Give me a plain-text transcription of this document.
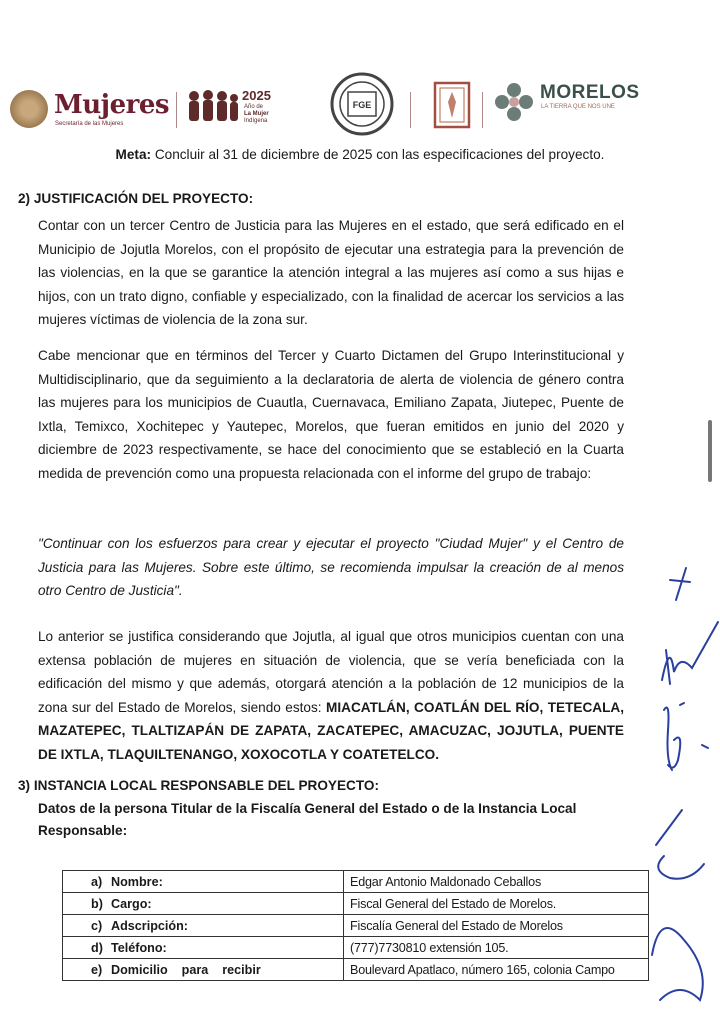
Mujeres
Secretaría de las Mujeres
2025
Año de
La Mujer
Indígena
FGE
MORELOS
LA TIERRA QUE NOS UNE
Meta: Concluir al 31 de diciembre de 2025 con las especificaciones del proyecto.
2) JUSTIFICACIÓN DEL PROYECTO:

Contar con un tercer Centro de Justicia para las Mujeres en el estado, que será edificado en el Municipio de Jojutla Morelos, con el propósito de ejecutar una estrategia para la prevención de las violencias, en la que se garantice la atención integral a las mujeres así como a sus hijas e hijos, con un trato digno, confiable y especializado, con la finalidad de acercar los servicios a las mujeres víctimas de violencia de la zona sur.

Cabe mencionar que en términos del Tercer y Cuarto Dictamen del Grupo Interinstitucional y Multidisciplinario, que da seguimiento a la declaratoria de alerta de violencia de género contra las mujeres para los municipios de Cuautla, Cuernavaca, Emiliano Zapata, Jiutepec, Puente de Ixtla, Temixco, Xochitepec y Yautepec, Morelos, que fueran emitidos en junio del 2020 y diciembre de 2023 respectivamente, se hace del conocimiento que se estableció en la Cuarta medida de prevención como una propuesta relacionada con el informe del grupo de trabajo:

"Continuar con los esfuerzos para crear y ejecutar el proyecto "Ciudad Mujer" y el Centro de Justicia para las Mujeres. Sobre este último, se recomienda impulsar la creación de al menos otro Centro de Justicia".

Lo anterior se justifica considerando que Jojutla, al igual que otros municipios cuentan con una extensa población de mujeres en situación de violencia, que se vería beneficiada con la edificación del mismo y que además, otorgará atención a la población de 12 municipios de la zona sur del Estado de Morelos, siendo estos: MIACATLÁN, COATLÁN DEL RÍO, TETECALA, MAZATEPEC, TLALTIZAPÁN DE ZAPATA, ZACATEPEC, AMACUZAC, JOJUTLA, PUENTE DE IXTLA, TLAQUILTENANGO, XOXOCOTLA Y COATETELCO.

3) INSTANCIA LOCAL RESPONSABLE DEL PROYECTO:
Datos de la persona Titular de la Fiscalía General del Estado o de la Instancia Local Responsable:
a) Nombre:	Edgar Antonio Maldonado Ceballos
b) Cargo:	Fiscal General del Estado de Morelos.
c) Adscripción:	Fiscalía General del Estado de Morelos
d) Teléfono:	(777)7730810 extensión 105.
e) Domicilio    para    recibir	Boulevard Apatlaco, número 165, colonia Campo
